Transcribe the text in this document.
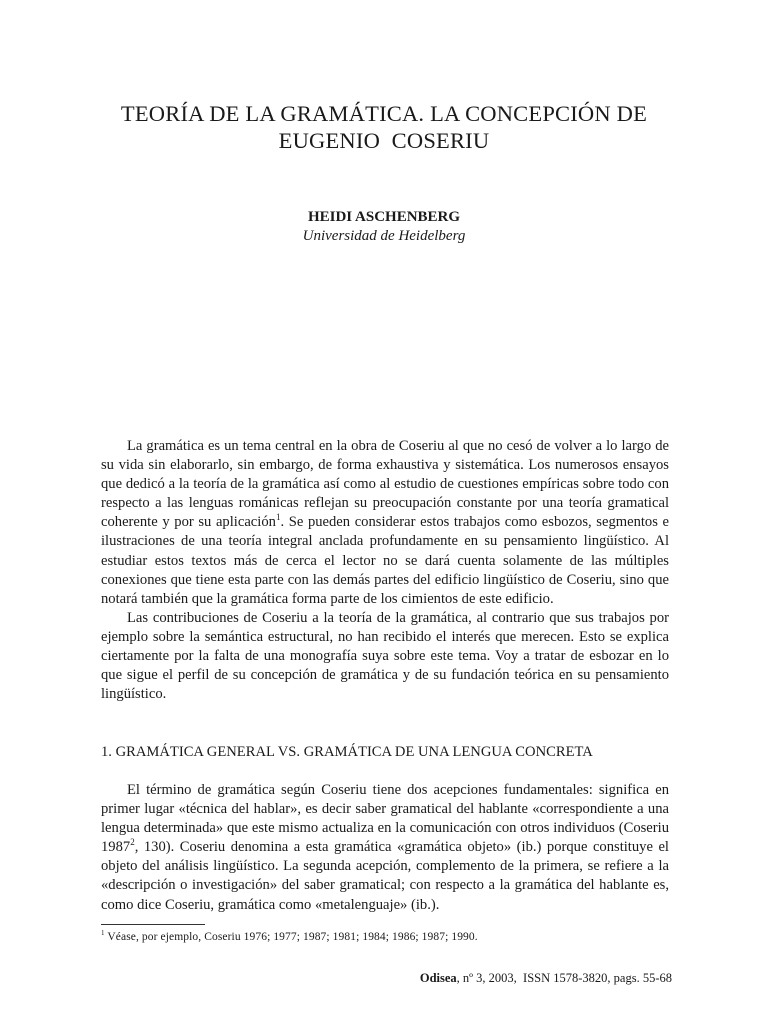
TEORÍA DE LA GRAMÁTICA. LA CONCEPCIÓN DE
EUGENIO  COSERIU
HEIDI ASCHENBERG
Universidad de Heidelberg

La gramática es un tema central en la obra de Coseriu al que no cesó de volver a lo largo de su vida sin elaborarlo, sin embargo, de forma exhaustiva y sistemática. Los numerosos ensayos que dedicó a la teoría de la gramática así como al estudio de cuestiones empíricas sobre todo con respecto a las lenguas románicas reflejan su preocupación constante por una teoría gramatical coherente y por su aplicación$^1$. Se pueden considerar estos trabajos como esbozos, segmentos e ilustraciones de una teoría integral anclada profundamente en su pensamiento lingüístico. Al estudiar estos textos más de cerca el lector no se dará cuenta solamente de las múltiples conexiones que tiene esta parte con las demás partes del edificio lingüístico de Coseriu, sino que notará también que la gramática forma parte de los cimientos de este edificio.

Las contribuciones de Coseriu a la teoría de la gramática, al contrario que sus trabajos por ejemplo sobre la semántica estructural, no han recibido el interés que merecen. Esto se explica ciertamente por la falta de una monografía suya sobre este tema. Voy a tratar de esbozar en lo que sigue el perfil de su concepción de gramática y de su fundación teórica en su pensamiento lingüístico.

1. GRAMÁTICA GENERAL VS. GRAMÁTICA DE UNA LENGUA CONCRETA

El término de gramática según Coseriu tiene dos acepciones fundamentales: significa en primer lugar «técnica del hablar», es decir saber gramatical del hablante «correspondiente a una lengua determinada» que este mismo actualiza en la comunicación con otros individuos (Coseriu 1987$^2$, 130). Coseriu denomina a esta gramática «gramática objeto» (ib.) porque constituye el objeto del análisis lingüístico. La segunda acepción, complemento de la primera, se refiere a la «descripción o investigación» del saber gramatical; con respecto a la gramática del hablante es, como dice Coseriu, gramática como «metalenguaje» (ib.).

$^1$ Véase, por ejemplo, Coseriu 1976; 1977; 1987; 1981; 1984; 1986; 1987; 1990.
Odisea, nº 3, 2003,  ISSN 1578-3820, pags. 55-68
